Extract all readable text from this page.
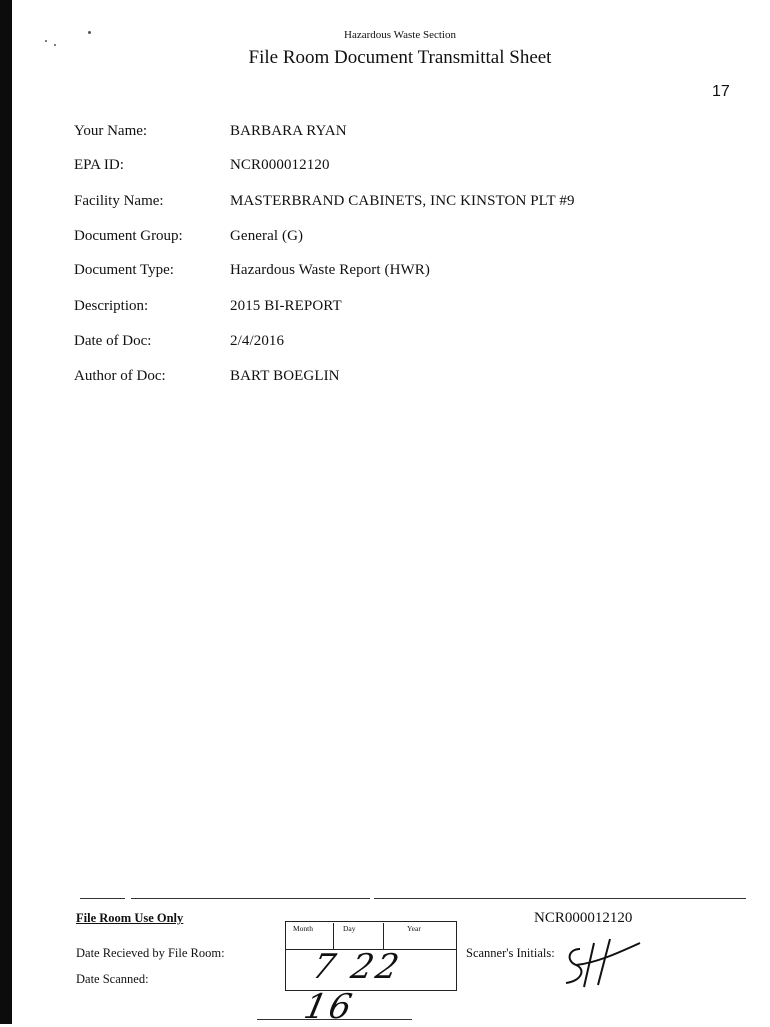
Hazardous Waste Section
File Room Document Transmittal Sheet
17
Your Name:	BARBARA RYAN
EPA ID:	NCR000012120
Facility Name:	MASTERBRAND CABINETS, INC KINSTON PLT #9
Document Group:	General (G)
Document Type:	Hazardous Waste Report (HWR)
Description:	2015 BI-REPORT
Date of Doc:	2/4/2016
Author of Doc:	BART BOEGLIN
File Room Use Only
Date Recieved by File Room:
Date Scanned:
Month	Day	Year
7 22 16
NCR000012120
Scanner's Initials:
